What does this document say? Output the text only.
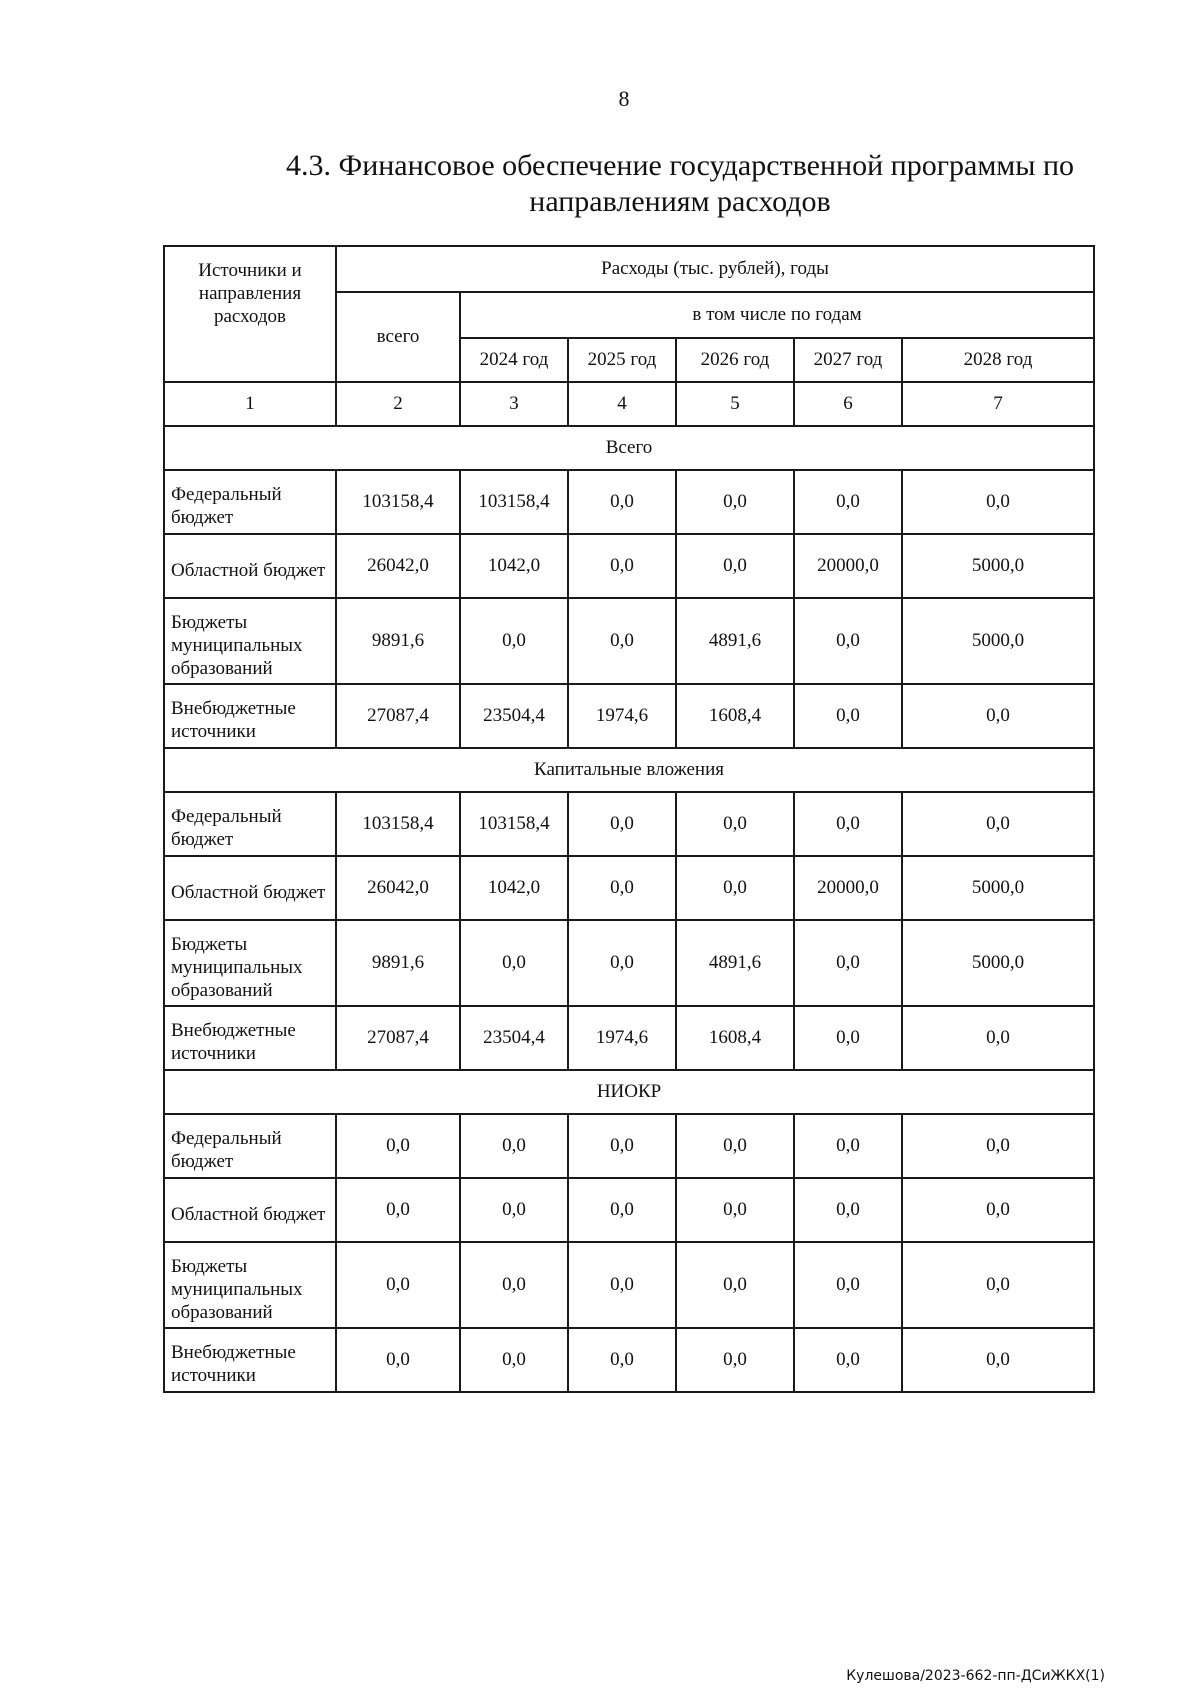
8
4.3. Финансовое обеспечение государственной программы по
направлениям расходов
Источники и направления расходов	Расходы (тыс. рублей), годы					
	всего	в том числе по годам				
		2024 год	2025 год	2026 год	2027 год	2028 год
1	2	3	4	5	6	7
Всего						
Федеральный бюджет	103158,4	103158,4	0,0	0,0	0,0	0,0
Областной бюджет	26042,0	1042,0	0,0	0,0	20000,0	5000,0
Бюджеты муниципальных образований	9891,6	0,0	0,0	4891,6	0,0	5000,0
Внебюджетные источники	27087,4	23504,4	1974,6	1608,4	0,0	0,0
Капитальные вложения						
Федеральный бюджет	103158,4	103158,4	0,0	0,0	0,0	0,0
Областной бюджет	26042,0	1042,0	0,0	0,0	20000,0	5000,0
Бюджеты муниципальных образований	9891,6	0,0	0,0	4891,6	0,0	5000,0
Внебюджетные источники	27087,4	23504,4	1974,6	1608,4	0,0	0,0
НИОКР						
Федеральный бюджет	0,0	0,0	0,0	0,0	0,0	0,0
Областной бюджет	0,0	0,0	0,0	0,0	0,0	0,0
Бюджеты муниципальных образований	0,0	0,0	0,0	0,0	0,0	0,0
Внебюджетные источники	0,0	0,0	0,0	0,0	0,0	0,0
Кулешова/2023-662-пп-ДСиЖКХ(1)
